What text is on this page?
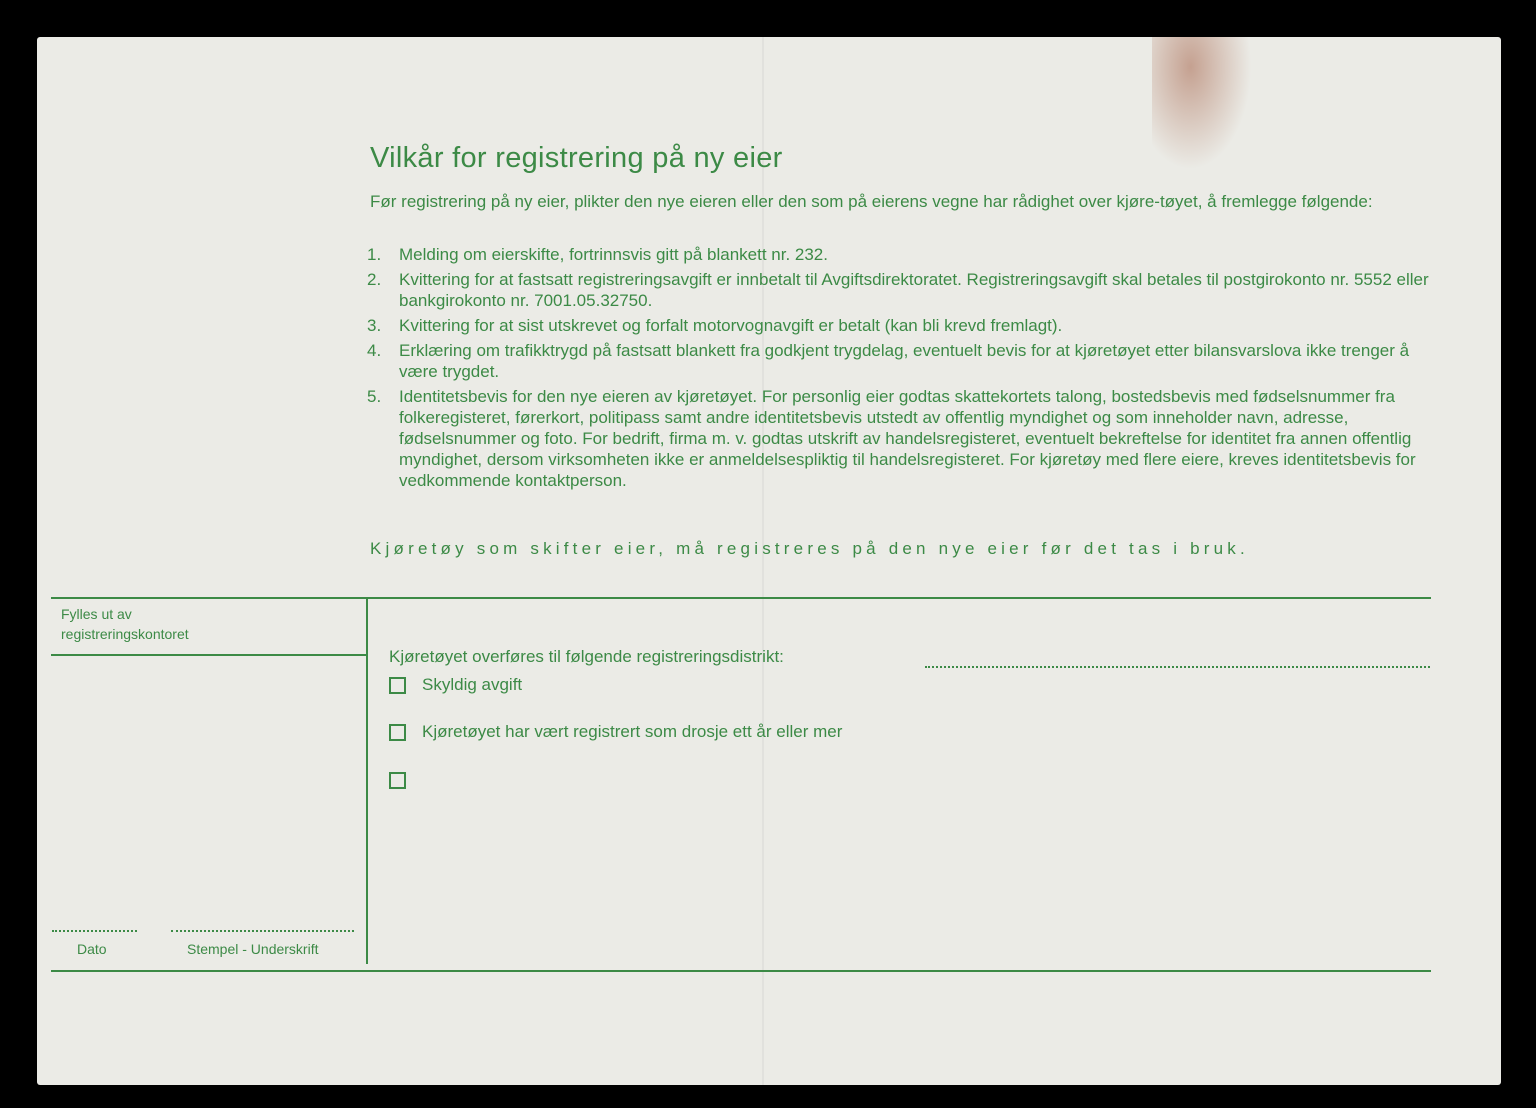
Vilkår for registrering på ny eier
Før registrering på ny eier, plikter den nye eieren eller den som på eierens vegne har rådighet over kjøre-tøyet, å fremlegge følgende:
1. Melding om eierskifte, fortrinnsvis gitt på blankett nr. 232.
2. Kvittering for at fastsatt registreringsavgift er innbetalt til Avgiftsdirektoratet. Registreringsavgift skal betales til postgirokonto nr. 5552 eller bankgirokonto nr. 7001.05.32750.
3. Kvittering for at sist utskrevet og forfalt motorvognavgift er betalt (kan bli krevd fremlagt).
4. Erklæring om trafikktrygd på fastsatt blankett fra godkjent trygdelag, eventuelt bevis for at kjøretøyet etter bilansvarslova ikke trenger å være trygdet.
5. Identitetsbevis for den nye eieren av kjøretøyet. For personlig eier godtas skattekortets talong, bostedsbevis med fødselsnummer fra folkeregisteret, førerkort, politipass samt andre identitetsbevis utstedt av offentlig myndighet og som inneholder navn, adresse, fødselsnummer og foto. For bedrift, firma m. v. godtas utskrift av handelsregisteret, eventuelt bekreftelse for identitet fra annen offentlig myndighet, dersom virksomheten ikke er anmeldelsespliktig til handelsregisteret. For kjøretøy med flere eiere, kreves identitetsbevis for vedkommende kontaktperson.
Kjøretøy som skifter eier, må registreres på den nye eier før det tas i bruk.
Fylles ut av
registreringskontoret
Kjøretøyet overføres til følgende registreringsdistrikt:
Skyldig avgift
Kjøretøyet har vært registrert som drosje ett år eller mer
Dato	Stempel - Underskrift
